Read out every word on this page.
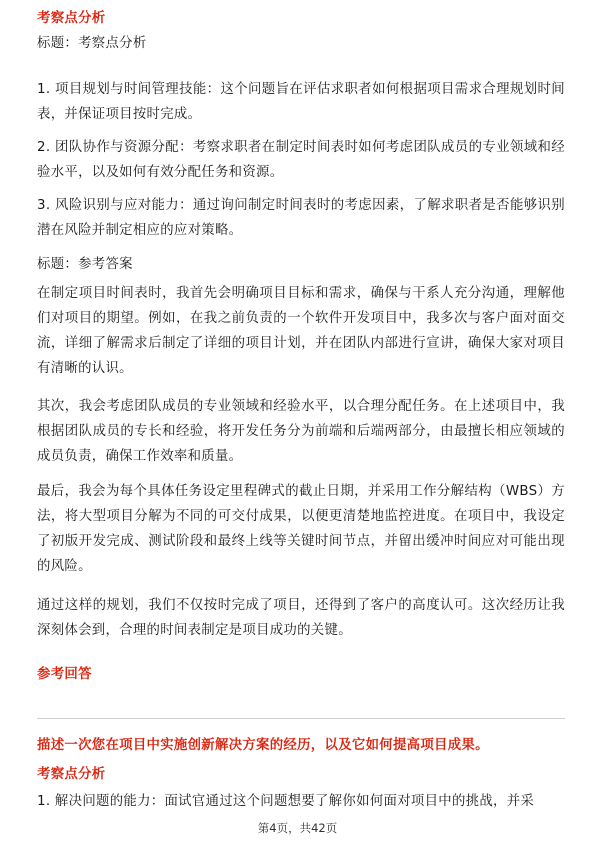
考察点分析

标题：考察点分析

1. 项目规划与时间管理技能：这个问题旨在评估求职者如何根据项目需求合理规划时间表，并保证项目按时完成。

2. 团队协作与资源分配：考察求职者在制定时间表时如何考虑团队成员的专业领域和经验水平，以及如何有效分配任务和资源。

3. 风险识别与应对能力：通过询问制定时间表时的考虑因素，了解求职者是否能够识别潜在风险并制定相应的应对策略。

标题：参考答案

在制定项目时间表时，我首先会明确项目目标和需求，确保与干系人充分沟通，理解他们对项目的期望。例如，在我之前负责的一个软件开发项目中，我多次与客户面对面交流，详细了解需求后制定了详细的项目计划，并在团队内部进行宣讲，确保大家对项目有清晰的认识。

其次，我会考虑团队成员的专业领域和经验水平，以合理分配任务。在上述项目中，我根据团队成员的专长和经验，将开发任务分为前端和后端两部分，由最擅长相应领域的成员负责，确保工作效率和质量。

最后，我会为每个具体任务设定里程碑式的截止日期，并采用工作分解结构（WBS）方法，将大型项目分解为不同的可交付成果，以便更清楚地监控进度。在项目中，我设定了初版开发完成、测试阶段和最终上线等关键时间节点，并留出缓冲时间应对可能出现的风险。

通过这样的规划，我们不仅按时完成了项目，还得到了客户的高度认可。这次经历让我深刻体会到，合理的时间表制定是项目成功的关键。

参考回答

描述一次您在项目中实施创新解决方案的经历，以及它如何提高项目成果。

考察点分析

1. 解决问题的能力：面试官通过这个问题想要了解你如何面对项目中的挑战，并采

第4页，共42页
